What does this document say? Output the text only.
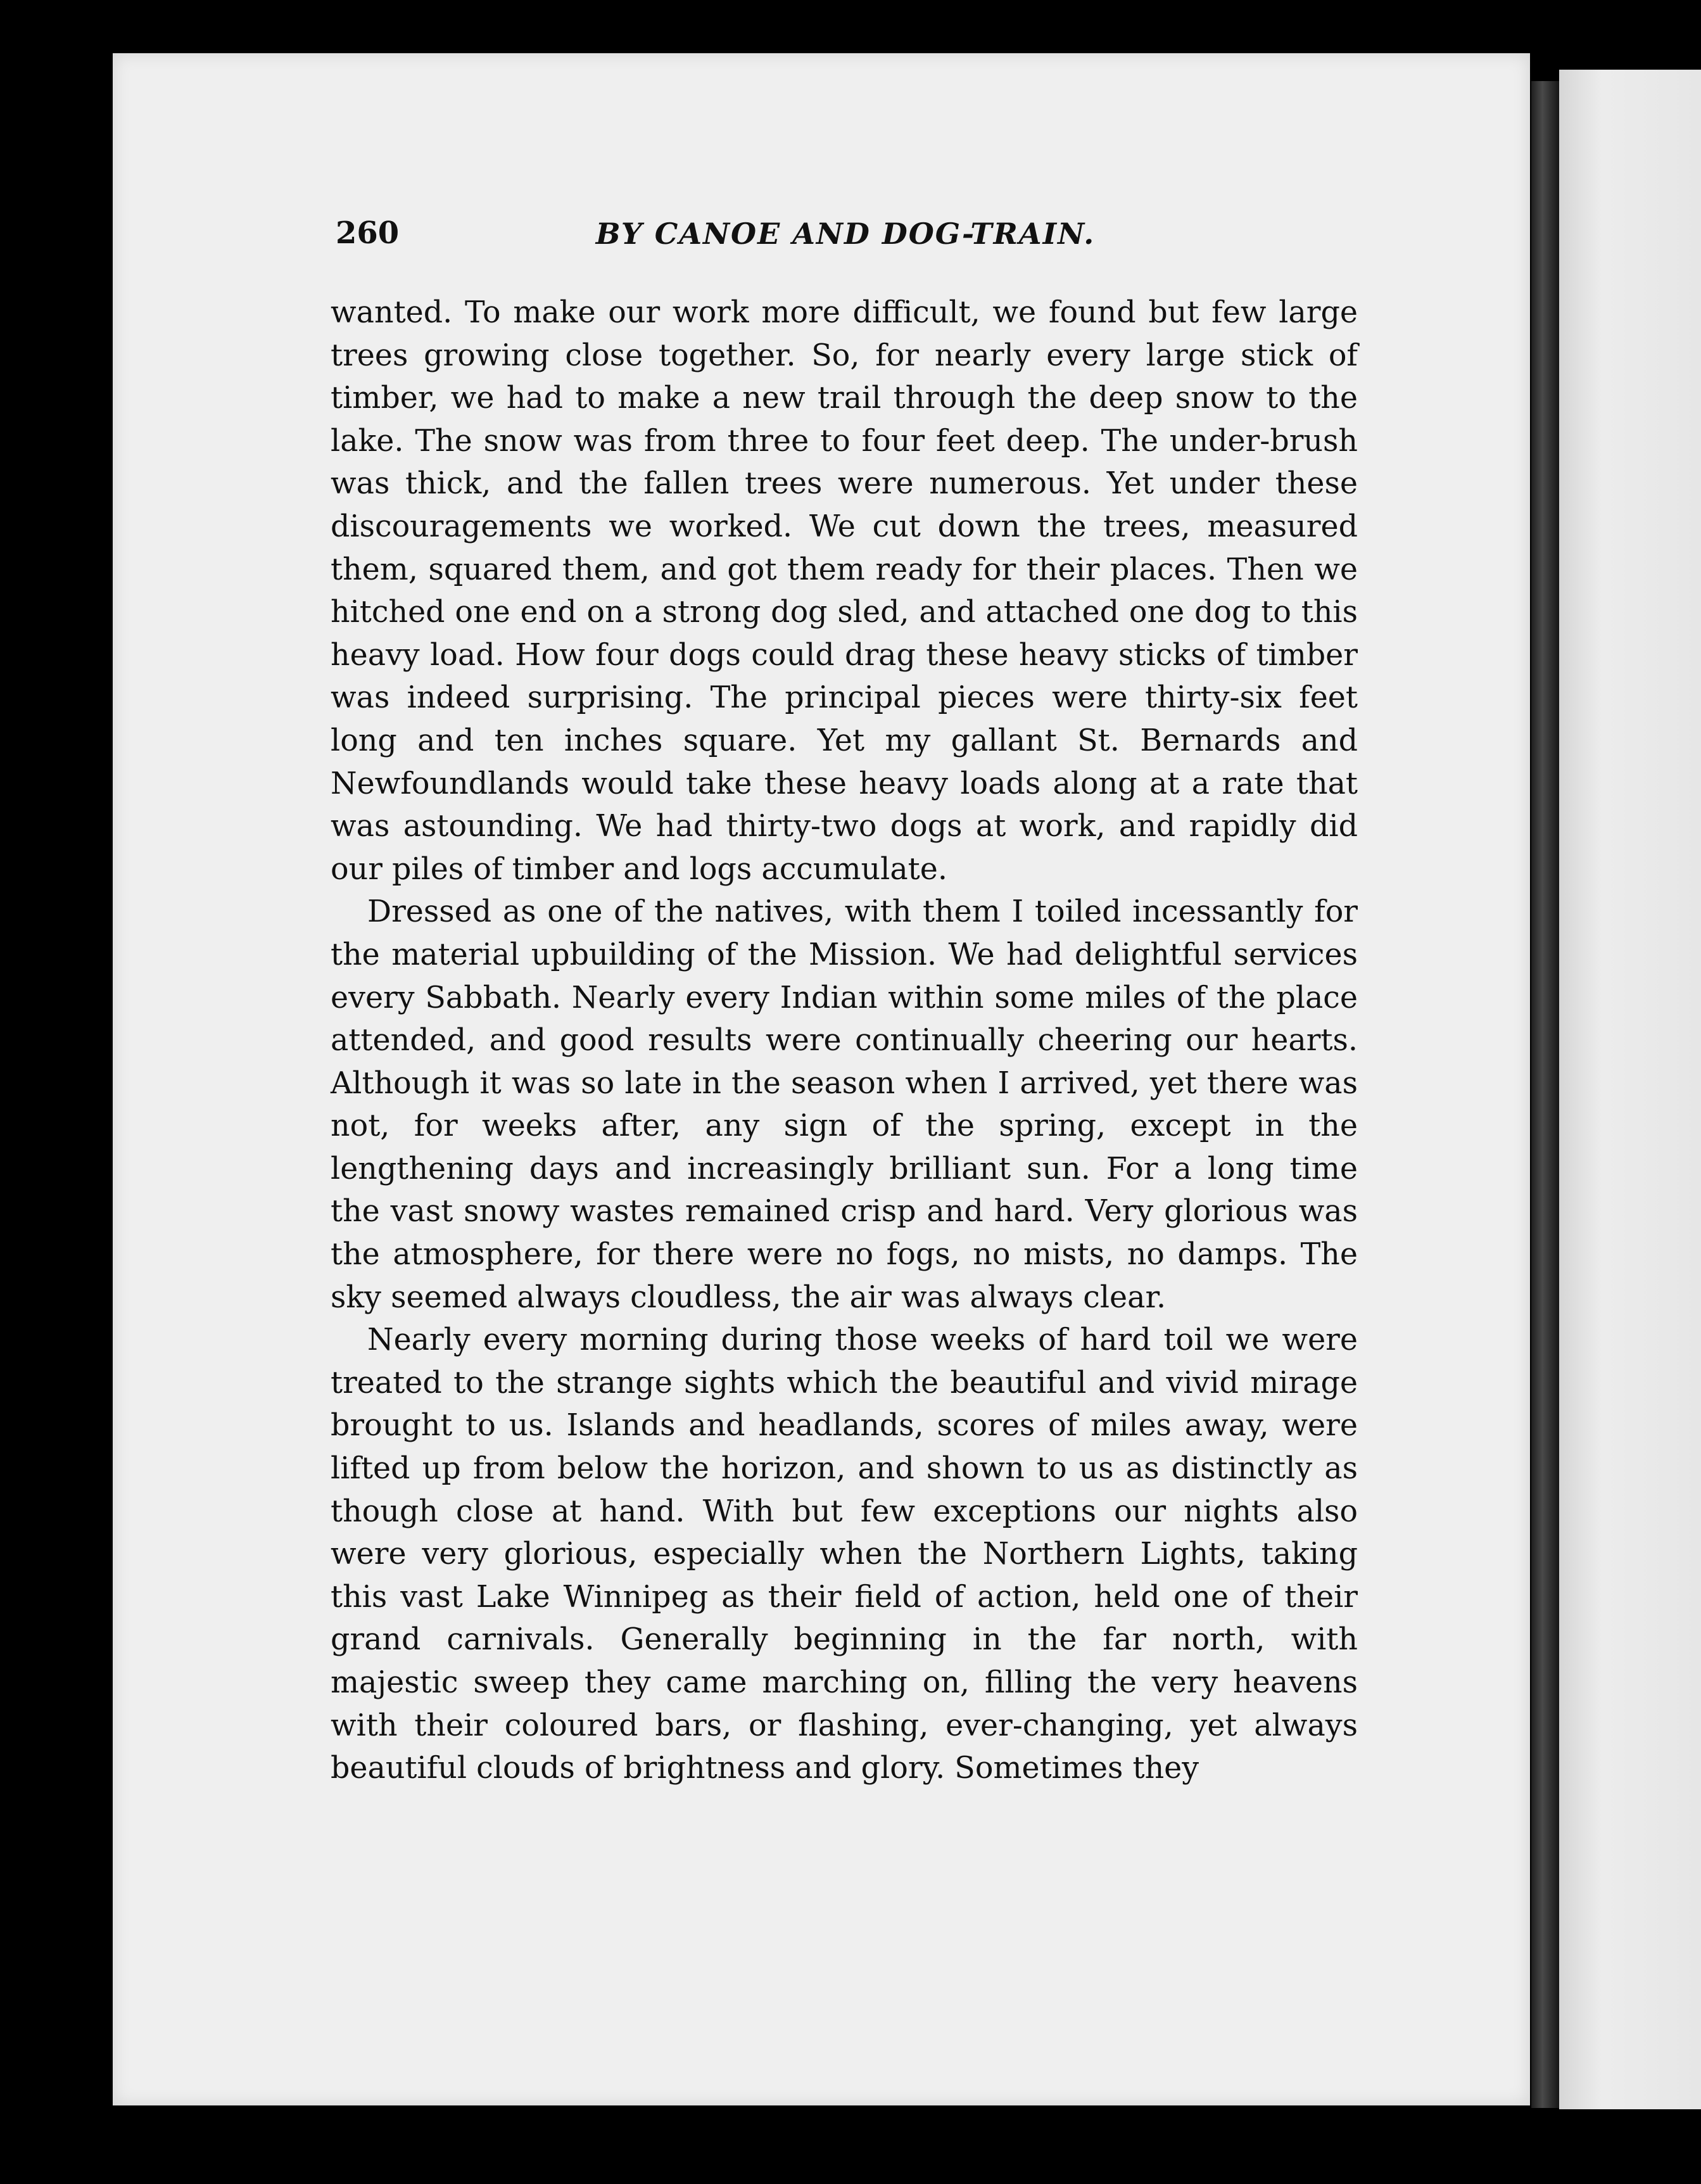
260	BY CANOE AND DOG-TRAIN.

wanted. To make our work more difficult, we found but few large trees growing close together. So, for nearly every large stick of timber, we had to make a new trail through the deep snow to the lake. The snow was from three to four feet deep. The under-brush was thick, and the fallen trees were numerous. Yet under these discouragements we worked. We cut down the trees, measured them, squared them, and got them ready for their places. Then we hitched one end on a strong dog sled, and attached one dog to this heavy load. How four dogs could drag these heavy sticks of timber was indeed surprising. The principal pieces were thirty-six feet long and ten inches square. Yet my gallant St. Bernards and Newfoundlands would take these heavy loads along at a rate that was astounding. We had thirty-two dogs at work, and rapidly did our piles of timber and logs accumulate.

Dressed as one of the natives, with them I toiled incessantly for the material upbuilding of the Mission. We had delightful services every Sabbath. Nearly every Indian within some miles of the place attended, and good results were continually cheering our hearts. Although it was so late in the season when I arrived, yet there was not, for weeks after, any sign of the spring, except in the lengthening days and increasingly brilliant sun. For a long time the vast snowy wastes remained crisp and hard. Very glorious was the atmosphere, for there were no fogs, no mists, no damps. The sky seemed always cloudless, the air was always clear.

Nearly every morning during those weeks of hard toil we were treated to the strange sights which the beautiful and vivid mirage brought to us. Islands and headlands, scores of miles away, were lifted up from below the horizon, and shown to us as distinctly as though close at hand. With but few exceptions our nights also were very glorious, especially when the Northern Lights, taking this vast Lake Winnipeg as their field of action, held one of their grand carnivals. Generally beginning in the far north, with majestic sweep they came marching on, filling the very heavens with their coloured bars, or flashing, ever-changing, yet always beautiful clouds of brightness and glory. Sometimes they
